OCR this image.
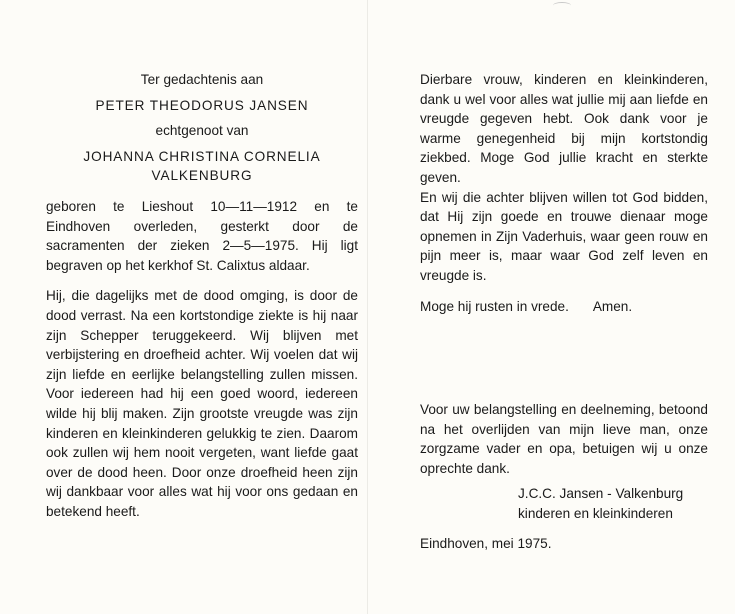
Ter gedachtenis aan

PETER THEODORUS JANSEN

echtgenoot van

JOHANNA CHRISTINA CORNELIA

VALKENBURG

geboren te Lieshout 10—11—1912 en te Eindhoven overleden, gesterkt door de sacramenten der zieken 2—5—1975. Hij ligt begraven op het kerkhof St. Calixtus aldaar.

Hij, die dagelijks met de dood omging, is door de dood verrast. Na een kortstondige ziekte is hij naar zijn Schepper teruggekeerd. Wij blijven met verbijstering en droefheid achter. Wij voelen dat wij zijn liefde en eerlijke belangstelling zullen missen. Voor iedereen had hij een goed woord, iedereen wilde hij blij maken. Zijn grootste vreugde was zijn kinderen en kleinkinderen gelukkig te zien. Daarom ook zullen wij hem nooit vergeten, want liefde gaat over de dood heen. Door onze droefheid heen zijn wij dankbaar voor alles wat hij voor ons gedaan en betekend heeft.

Dierbare vrouw, kinderen en kleinkinderen, dank u wel voor alles wat jullie mij aan liefde en vreugde gegeven hebt. Ook dank voor je warme genegenheid bij mijn kortstondig ziekbed. Moge God jullie kracht en sterkte geven.

En wij die achter blijven willen tot God bidden, dat Hij zijn goede en trouwe dienaar moge opnemen in Zijn Vaderhuis, waar geen rouw en pijn meer is, maar waar God zelf leven en vreugde is.

Moge hij rusten in vrede. Amen.

Voor uw belangstelling en deelneming, betoond na het overlijden van mijn lieve man, onze zorgzame vader en opa, betuigen wij u onze oprechte dank.

J.C.C. Jansen - Valkenburg

kinderen en kleinkinderen

Eindhoven, mei 1975.
